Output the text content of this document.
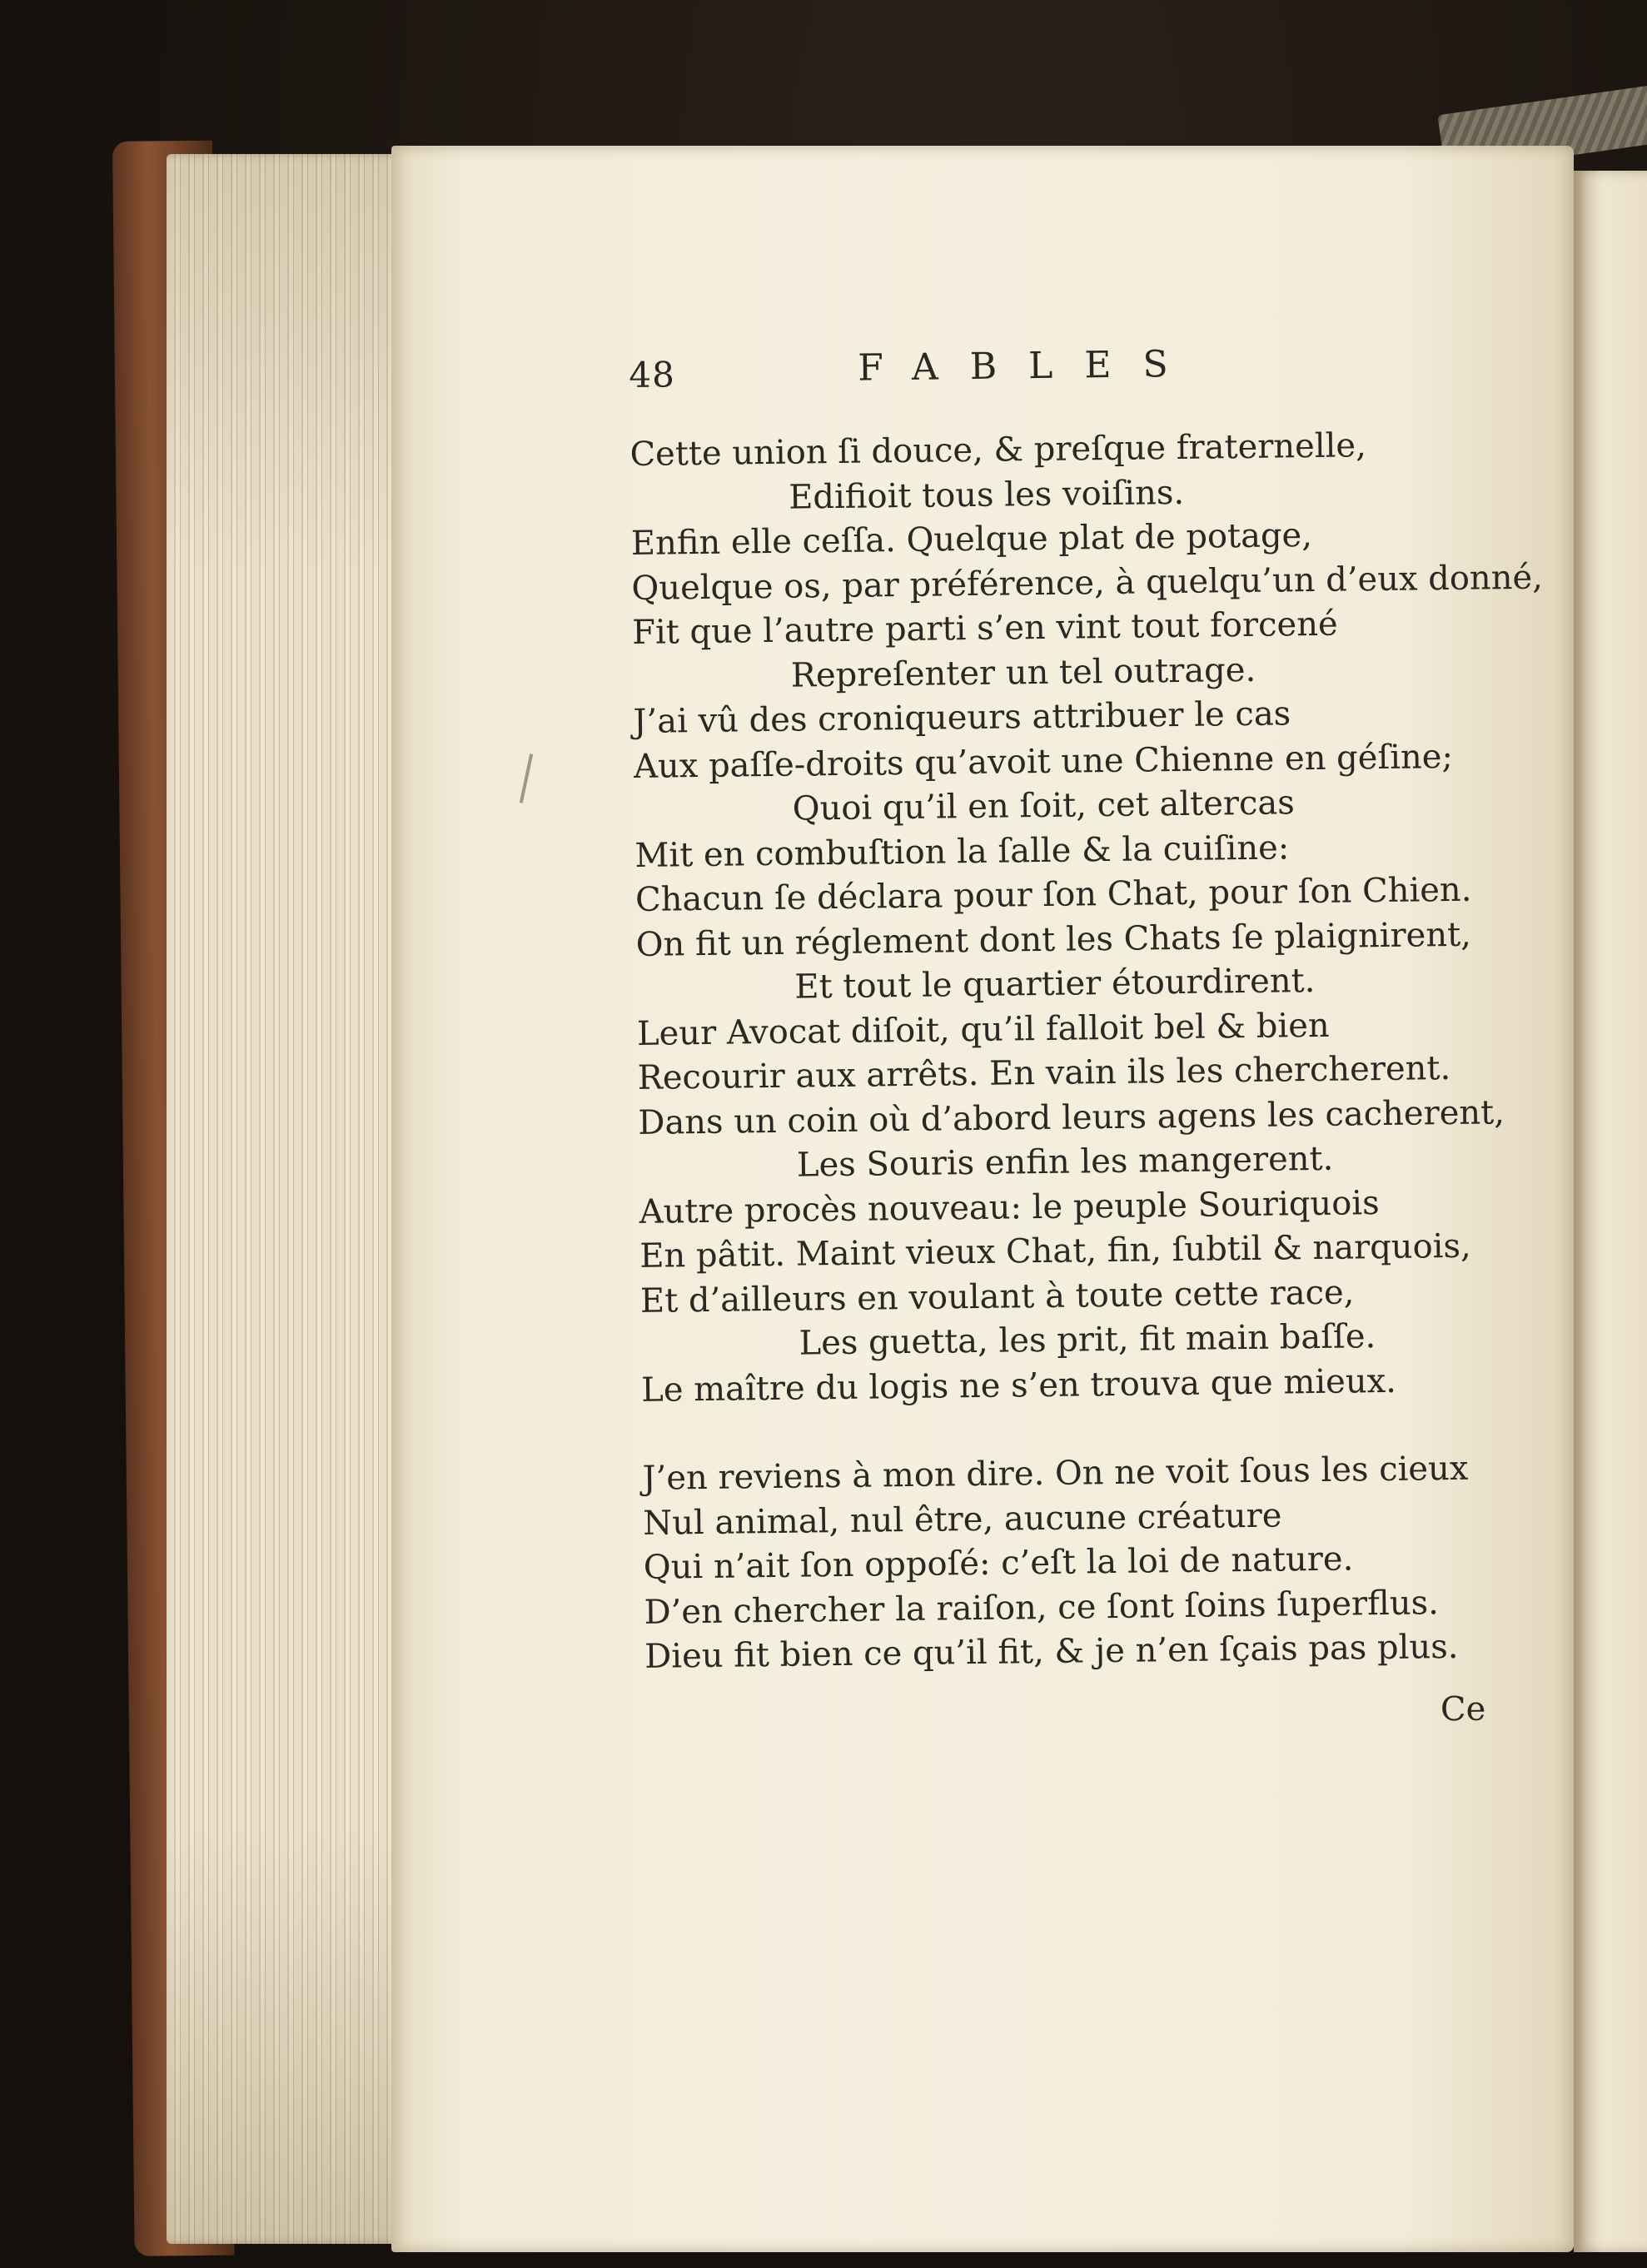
48	FABLES
Cette union ſi douce, & preſque fraternelle,
Edifioit tous les voiſins.
Enfin elle ceſſa. Quelque plat de potage,
Quelque os, par préférence, à quelqu’un d’eux donné,
Fit que l’autre parti s’en vint tout forcené
Repreſenter un tel outrage.
J’ai vû des croniqueurs attribuer le cas
Aux paſſe-droits qu’avoit une Chienne en géſine;
Quoi qu’il en ſoit, cet altercas
Mit en combuſtion la ſalle & la cuiſine:
Chacun ſe déclara pour ſon Chat, pour ſon Chien.
On fit un réglement dont les Chats ſe plaignirent,
Et tout le quartier étourdirent.
Leur Avocat diſoit, qu’il falloit bel & bien
Recourir aux arrêts. En vain ils les chercherent.
Dans un coin où d’abord leurs agens les cacherent,
Les Souris enfin les mangerent.
Autre procès nouveau: le peuple Souriquois
En pâtit. Maint vieux Chat, fin, ſubtil & narquois,
Et d’ailleurs en voulant à toute cette race,
Les guetta, les prit, fit main baſſe.
Le maître du logis ne s’en trouva que mieux.
J’en reviens à mon dire. On ne voit ſous les cieux
Nul animal, nul être, aucune créature
Qui n’ait ſon oppoſé: c’eſt la loi de nature.
D’en chercher la raiſon, ce ſont ſoins ſuperflus.
Dieu fit bien ce qu’il fit, & je n’en ſçais pas plus.
Ce
